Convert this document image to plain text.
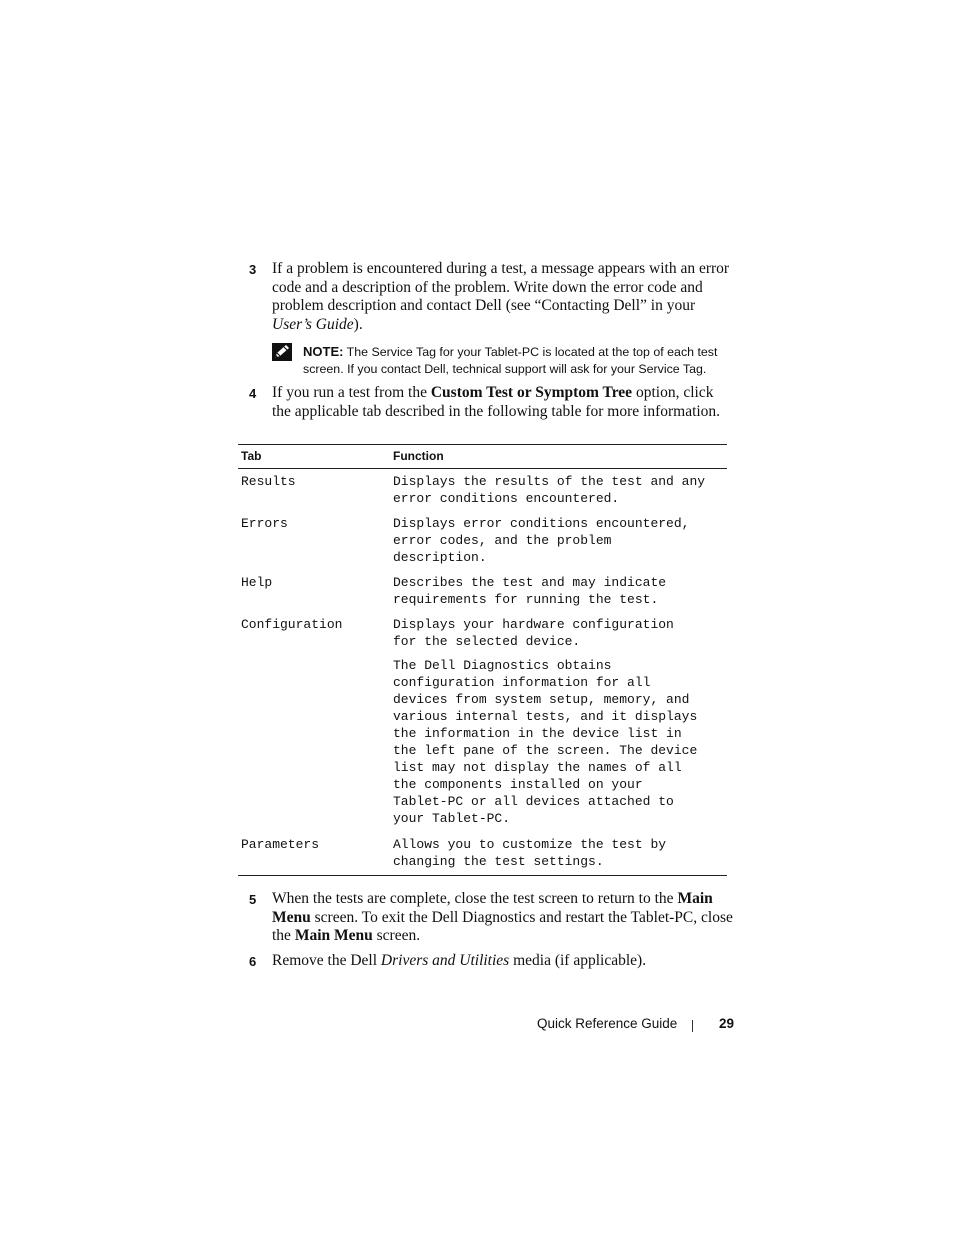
3 If a problem is encountered during a test, a message appears with an error code and a description of the problem. Write down the error code and problem description and contact Dell (see “Contacting Dell” in your User’s Guide).
NOTE: The Service Tag for your Tablet-PC is located at the top of each test screen. If you contact Dell, technical support will ask for your Service Tag.
4 If you run a test from the Custom Test or Symptom Tree option, click the applicable tab described in the following table for more information.
Tab	Function
Results	Displays the results of the test and any
error conditions encountered.
Errors	Displays error conditions encountered,
error codes, and the problem
description.
Help	Describes the test and may indicate
requirements for running the test.
Configuration	Displays your hardware configuration
for the selected device.
The Dell Diagnostics obtains
configuration information for all
devices from system setup, memory, and
various internal tests, and it displays
the information in the device list in
the left pane of the screen. The device
list may not display the names of all
the components installed on your
Tablet-PC or all devices attached to
your Tablet-PC.
Parameters	Allows you to customize the test by
changing the test settings.
5 When the tests are complete, close the test screen to return to the Main Menu screen. To exit the Dell Diagnostics and restart the Tablet-PC, close the Main Menu screen.
6 Remove the Dell Drivers and Utilities media (if applicable).
Quick Reference Guide	29
